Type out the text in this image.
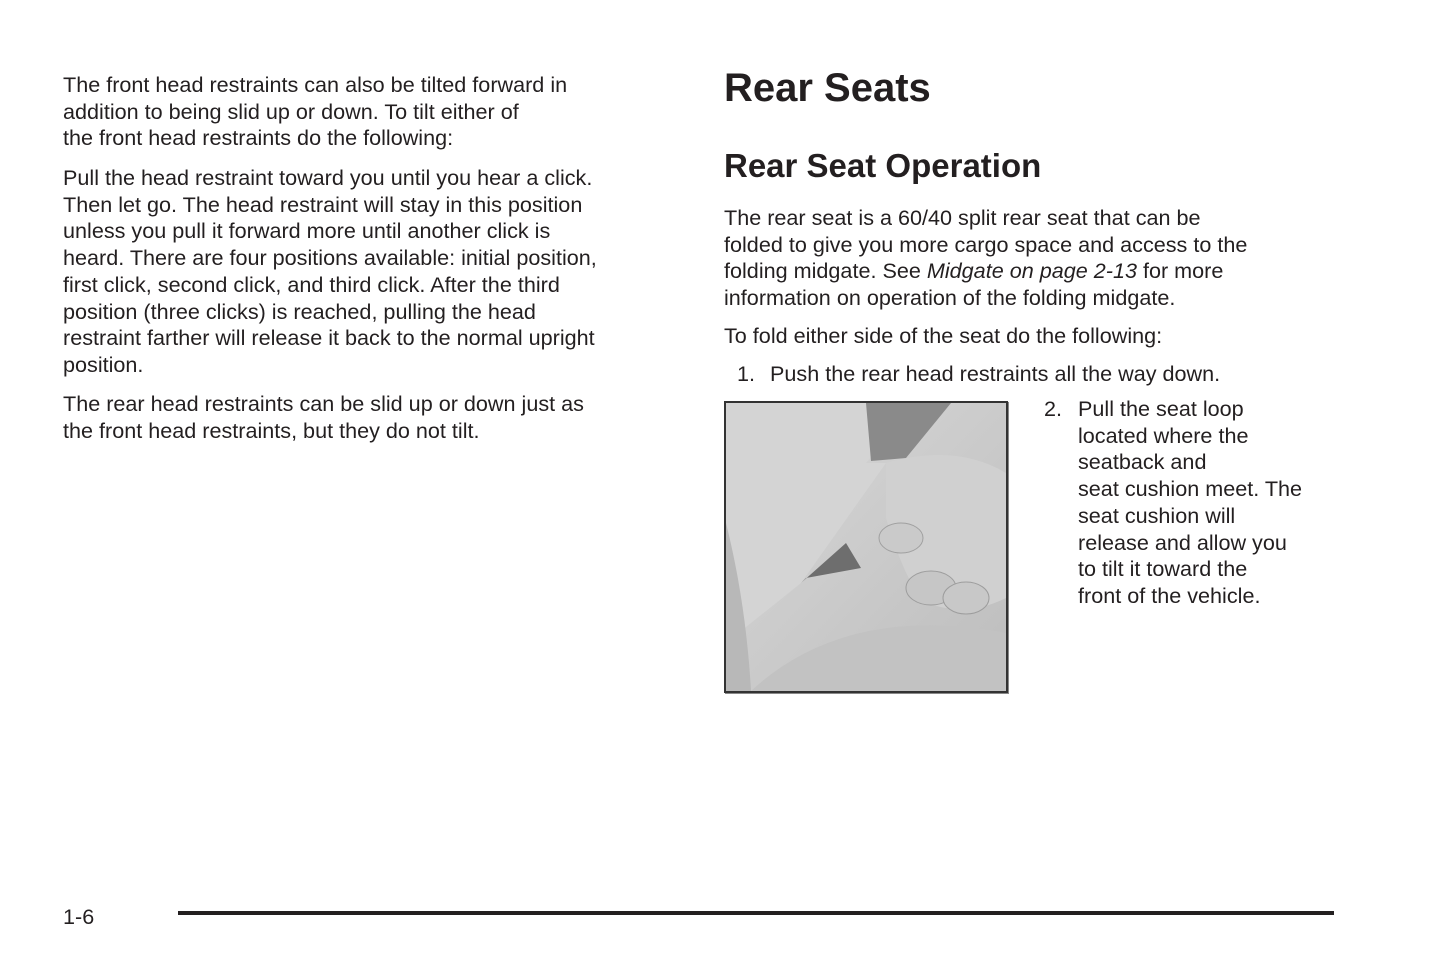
The front head restraints can also be tilted forward in
addition to being slid up or down. To tilt either of
the front head restraints do the following:
Pull the head restraint toward you until you hear a click.
Then let go. The head restraint will stay in this position
unless you pull it forward more until another click is
heard. There are four positions available: initial position,
first click, second click, and third click. After the third
position (three clicks) is reached, pulling the head
restraint farther will release it back to the normal upright
position.
The rear head restraints can be slid up or down just as
the front head restraints, but they do not tilt.
Rear Seats
Rear Seat Operation
The rear seat is a 60/40 split rear seat that can be
folded to give you more cargo space and access to the
folding midgate. See Midgate on page 2-13 for more
information on operation of the folding midgate.
To fold either side of the seat do the following:
1. Push the rear head restraints all the way down.
2. Pull the seat loop
located where the
seatback and
seat cushion meet. The
seat cushion will
release and allow you
to tilt it toward the
front of the vehicle.
1-6
